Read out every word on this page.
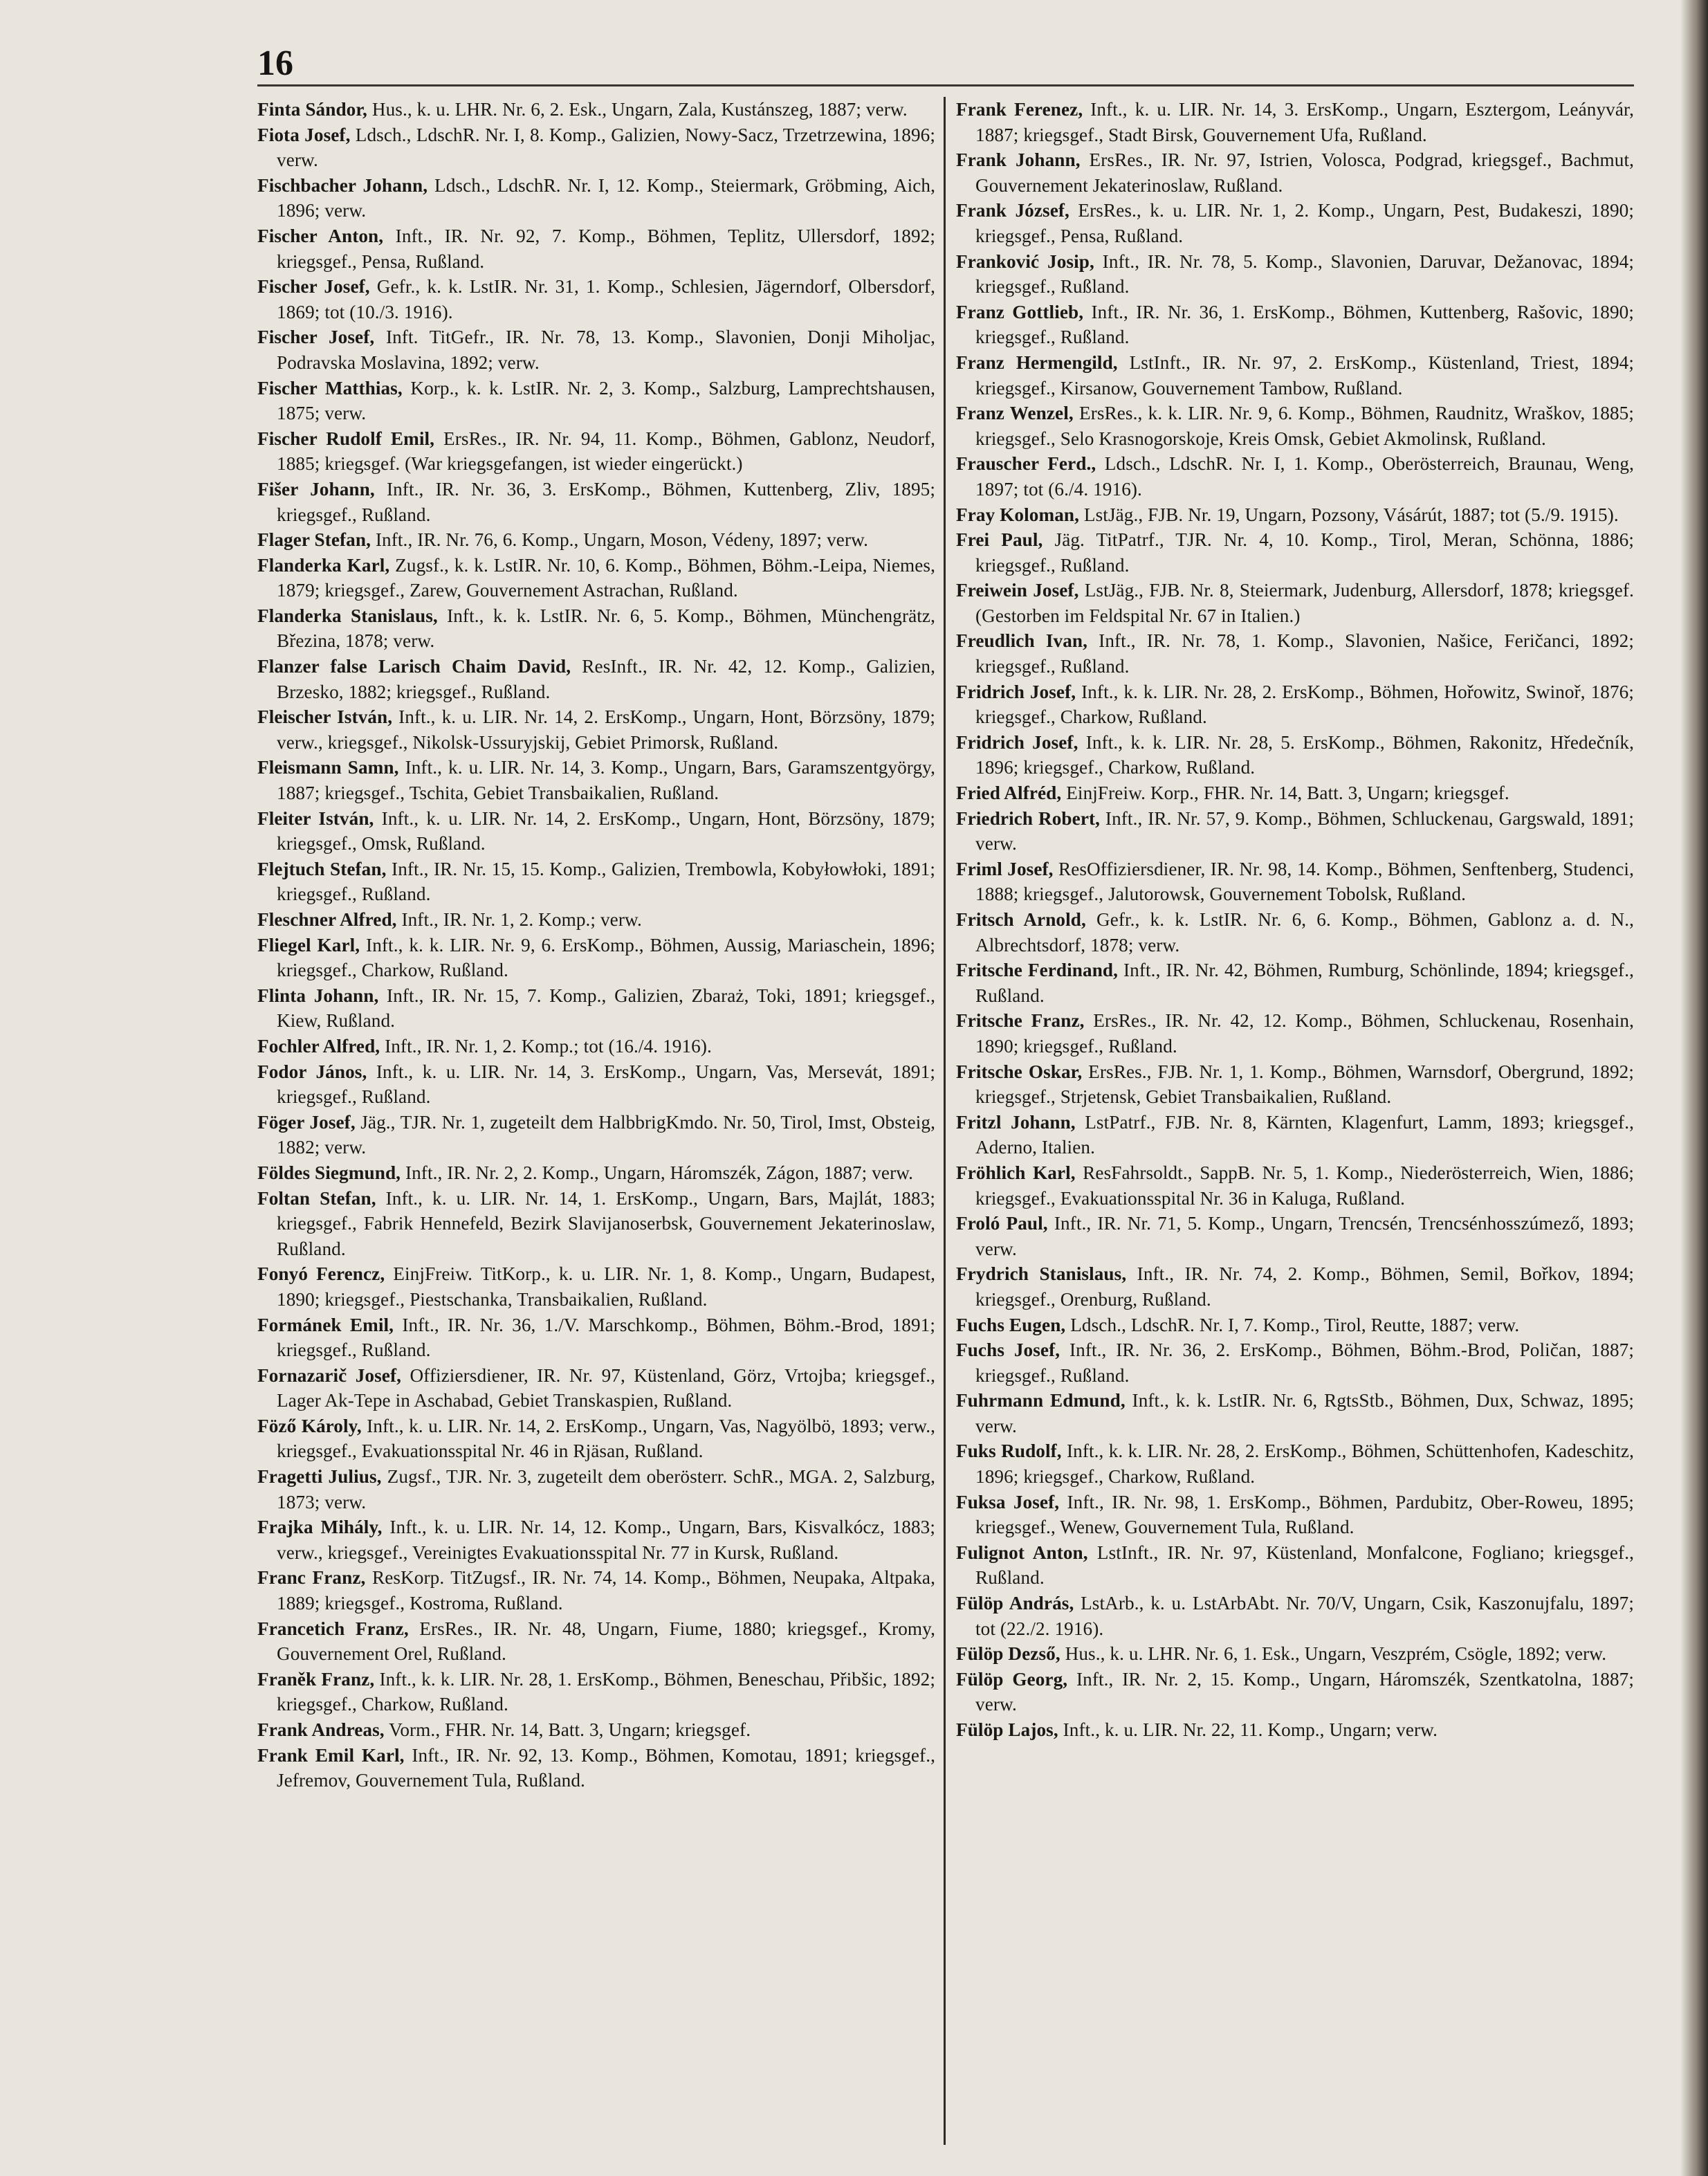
16

Finta Sándor, Hus., k. u. LHR. Nr. 6, 2. Esk., Ungarn, Zala, Kustánszeg, 1887; verw.

Fiota Josef, Ldsch., LdschR. Nr. I, 8. Komp., Galizien, Nowy-Sacz, Trzetrzewina, 1896; verw.

Fischbacher Johann, Ldsch., LdschR. Nr. I, 12. Komp., Steiermark, Gröbming, Aich, 1896; verw.

Fischer Anton, Inft., IR. Nr. 92, 7. Komp., Böhmen, Teplitz, Ullersdorf, 1892; kriegsgef., Pensa, Rußland.

Fischer Josef, Gefr., k. k. LstIR. Nr. 31, 1. Komp., Schlesien, Jägerndorf, Olbersdorf, 1869; tot (10./3. 1916).

Fischer Josef, Inft. TitGefr., IR. Nr. 78, 13. Komp., Slavonien, Donji Miholjac, Podravska Moslavina, 1892; verw.

Fischer Matthias, Korp., k. k. LstIR. Nr. 2, 3. Komp., Salzburg, Lamprechtshausen, 1875; verw.

Fischer Rudolf Emil, ErsRes., IR. Nr. 94, 11. Komp., Böhmen, Gablonz, Neudorf, 1885; kriegsgef. (War kriegsgefangen, ist wieder eingerückt.)

Fišer Johann, Inft., IR. Nr. 36, 3. ErsKomp., Böhmen, Kuttenberg, Zliv, 1895; kriegsgef., Rußland.

Flager Stefan, Inft., IR. Nr. 76, 6. Komp., Ungarn, Moson, Védeny, 1897; verw.

Flanderka Karl, Zugsf., k. k. LstIR. Nr. 10, 6. Komp., Böhmen, Böhm.-Leipa, Niemes, 1879; kriegsgef., Zarew, Gouvernement Astrachan, Rußland.

Flanderka Stanislaus, Inft., k. k. LstIR. Nr. 6, 5. Komp., Böhmen, Münchengrätz, Březina, 1878; verw.

Flanzer false Larisch Chaim David, ResInft., IR. Nr. 42, 12. Komp., Galizien, Brzesko, 1882; kriegsgef., Rußland.

Fleischer István, Inft., k. u. LIR. Nr. 14, 2. ErsKomp., Ungarn, Hont, Börzsöny, 1879; verw., kriegsgef., Nikolsk-Ussuryjskij, Gebiet Primorsk, Rußland.

Fleismann Samn, Inft., k. u. LIR. Nr. 14, 3. Komp., Ungarn, Bars, Garamszentgyörgy, 1887; kriegsgef., Tschita, Gebiet Transbaikalien, Rußland.

Fleiter István, Inft., k. u. LIR. Nr. 14, 2. ErsKomp., Ungarn, Hont, Börzsöny, 1879; kriegsgef., Omsk, Rußland.

Flejtuch Stefan, Inft., IR. Nr. 15, 15. Komp., Galizien, Trembowla, Kobyłowłoki, 1891; kriegsgef., Rußland.

Fleschner Alfred, Inft., IR. Nr. 1, 2. Komp.; verw.

Fliegel Karl, Inft., k. k. LIR. Nr. 9, 6. ErsKomp., Böhmen, Aussig, Mariaschein, 1896; kriegsgef., Charkow, Rußland.

Flinta Johann, Inft., IR. Nr. 15, 7. Komp., Galizien, Zbaraż, Toki, 1891; kriegsgef., Kiew, Rußland.

Fochler Alfred, Inft., IR. Nr. 1, 2. Komp.; tot (16./4. 1916).

Fodor János, Inft., k. u. LIR. Nr. 14, 3. ErsKomp., Ungarn, Vas, Mersevát, 1891; kriegsgef., Rußland.

Föger Josef, Jäg., TJR. Nr. 1, zugeteilt dem HalbbrigKmdo. Nr. 50, Tirol, Imst, Obsteig, 1882; verw.

Földes Siegmund, Inft., IR. Nr. 2, 2. Komp., Ungarn, Háromszék, Zágon, 1887; verw.

Foltan Stefan, Inft., k. u. LIR. Nr. 14, 1. ErsKomp., Ungarn, Bars, Majlát, 1883; kriegsgef., Fabrik Hennefeld, Bezirk Slavijanoserbsk, Gouvernement Jekaterinoslaw, Rußland.

Fonyó Ferencz, EinjFreiw. TitKorp., k. u. LIR. Nr. 1, 8. Komp., Ungarn, Budapest, 1890; kriegsgef., Piestschanka, Transbaikalien, Rußland.

Formánek Emil, Inft., IR. Nr. 36, 1./V. Marschkomp., Böhmen, Böhm.-Brod, 1891; kriegsgef., Rußland.

Fornazarič Josef, Offiziersdiener, IR. Nr. 97, Küstenland, Görz, Vrtojba; kriegsgef., Lager Ak-Tepe in Aschabad, Gebiet Transkaspien, Rußland.

Föző Károly, Inft., k. u. LIR. Nr. 14, 2. ErsKomp., Ungarn, Vas, Nagyölbö, 1893; verw., kriegsgef., Evakuationsspital Nr. 46 in Rjäsan, Rußland.

Fragetti Julius, Zugsf., TJR. Nr. 3, zugeteilt dem oberösterr. SchR., MGA. 2, Salzburg, 1873; verw.

Frajka Mihály, Inft., k. u. LIR. Nr. 14, 12. Komp., Ungarn, Bars, Kisvalkócz, 1883; verw., kriegsgef., Vereinigtes Evakuationsspital Nr. 77 in Kursk, Rußland.

Franc Franz, ResKorp. TitZugsf., IR. Nr. 74, 14. Komp., Böhmen, Neupaka, Altpaka, 1889; kriegsgef., Kostroma, Rußland.

Francetich Franz, ErsRes., IR. Nr. 48, Ungarn, Fiume, 1880; kriegsgef., Kromy, Gouvernement Orel, Rußland.

Franěk Franz, Inft., k. k. LIR. Nr. 28, 1. ErsKomp., Böhmen, Beneschau, Přibšic, 1892; kriegsgef., Charkow, Rußland.

Frank Andreas, Vorm., FHR. Nr. 14, Batt. 3, Ungarn; kriegsgef.

Frank Emil Karl, Inft., IR. Nr. 92, 13. Komp., Böhmen, Komotau, 1891; kriegsgef., Jefremov, Gouvernement Tula, Rußland.

Frank Ferenez, Inft., k. u. LIR. Nr. 14, 3. ErsKomp., Ungarn, Esztergom, Leányvár, 1887; kriegsgef., Stadt Birsk, Gouvernement Ufa, Rußland.

Frank Johann, ErsRes., IR. Nr. 97, Istrien, Volosca, Podgrad, kriegsgef., Bachmut, Gouvernement Jekaterinoslaw, Rußland.

Frank József, ErsRes., k. u. LIR. Nr. 1, 2. Komp., Ungarn, Pest, Budakeszi, 1890; kriegsgef., Pensa, Rußland.

Franković Josip, Inft., IR. Nr. 78, 5. Komp., Slavonien, Daruvar, Dežanovac, 1894; kriegsgef., Rußland.

Franz Gottlieb, Inft., IR. Nr. 36, 1. ErsKomp., Böhmen, Kuttenberg, Rašovic, 1890; kriegsgef., Rußland.

Franz Hermengild, LstInft., IR. Nr. 97, 2. ErsKomp., Küstenland, Triest, 1894; kriegsgef., Kirsanow, Gouvernement Tambow, Rußland.

Franz Wenzel, ErsRes., k. k. LIR. Nr. 9, 6. Komp., Böhmen, Raudnitz, Wraškov, 1885; kriegsgef., Selo Krasnogorskoje, Kreis Omsk, Gebiet Akmolinsk, Rußland.

Frauscher Ferd., Ldsch., LdschR. Nr. I, 1. Komp., Oberösterreich, Braunau, Weng, 1897; tot (6./4. 1916).

Fray Koloman, LstJäg., FJB. Nr. 19, Ungarn, Pozsony, Vásárút, 1887; tot (5./9. 1915).

Frei Paul, Jäg. TitPatrf., TJR. Nr. 4, 10. Komp., Tirol, Meran, Schönna, 1886; kriegsgef., Rußland.

Freiwein Josef, LstJäg., FJB. Nr. 8, Steiermark, Judenburg, Allersdorf, 1878; kriegsgef. (Gestorben im Feldspital Nr. 67 in Italien.)

Freudlich Ivan, Inft., IR. Nr. 78, 1. Komp., Slavonien, Našice, Feričanci, 1892; kriegsgef., Rußland.

Fridrich Josef, Inft., k. k. LIR. Nr. 28, 2. ErsKomp., Böhmen, Hořowitz, Swinoř, 1876; kriegsgef., Charkow, Rußland.

Fridrich Josef, Inft., k. k. LIR. Nr. 28, 5. ErsKomp., Böhmen, Rakonitz, Hředečník, 1896; kriegsgef., Charkow, Rußland.

Fried Alfréd, EinjFreiw. Korp., FHR. Nr. 14, Batt. 3, Ungarn; kriegsgef.

Friedrich Robert, Inft., IR. Nr. 57, 9. Komp., Böhmen, Schluckenau, Gargswald, 1891; verw.

Friml Josef, ResOffiziersdiener, IR. Nr. 98, 14. Komp., Böhmen, Senftenberg, Studenci, 1888; kriegsgef., Jalutorowsk, Gouvernement Tobolsk, Rußland.

Fritsch Arnold, Gefr., k. k. LstIR. Nr. 6, 6. Komp., Böhmen, Gablonz a. d. N., Albrechtsdorf, 1878; verw.

Fritsche Ferdinand, Inft., IR. Nr. 42, Böhmen, Rumburg, Schönlinde, 1894; kriegsgef., Rußland.

Fritsche Franz, ErsRes., IR. Nr. 42, 12. Komp., Böhmen, Schluckenau, Rosenhain, 1890; kriegsgef., Rußland.

Fritsche Oskar, ErsRes., FJB. Nr. 1, 1. Komp., Böhmen, Warnsdorf, Obergrund, 1892; kriegsgef., Strjetensk, Gebiet Transbaikalien, Rußland.

Fritzl Johann, LstPatrf., FJB. Nr. 8, Kärnten, Klagenfurt, Lamm, 1893; kriegsgef., Aderno, Italien.

Fröhlich Karl, ResFahrsoldt., SappB. Nr. 5, 1. Komp., Niederösterreich, Wien, 1886; kriegsgef., Evakuationsspital Nr. 36 in Kaluga, Rußland.

Froló Paul, Inft., IR. Nr. 71, 5. Komp., Ungarn, Trencsén, Trencsénhosszúmező, 1893; verw.

Frydrich Stanislaus, Inft., IR. Nr. 74, 2. Komp., Böhmen, Semil, Bořkov, 1894; kriegsgef., Orenburg, Rußland.

Fuchs Eugen, Ldsch., LdschR. Nr. I, 7. Komp., Tirol, Reutte, 1887; verw.

Fuchs Josef, Inft., IR. Nr. 36, 2. ErsKomp., Böhmen, Böhm.-Brod, Poličan, 1887; kriegsgef., Rußland.

Fuhrmann Edmund, Inft., k. k. LstIR. Nr. 6, RgtsStb., Böhmen, Dux, Schwaz, 1895; verw.

Fuks Rudolf, Inft., k. k. LIR. Nr. 28, 2. ErsKomp., Böhmen, Schüttenhofen, Kadeschitz, 1896; kriegsgef., Charkow, Rußland.

Fuksa Josef, Inft., IR. Nr. 98, 1. ErsKomp., Böhmen, Pardubitz, Ober-Roweu, 1895; kriegsgef., Wenew, Gouvernement Tula, Rußland.

Fulignot Anton, LstInft., IR. Nr. 97, Küstenland, Monfalcone, Fogliano; kriegsgef., Rußland.

Fülöp András, LstArb., k. u. LstArbAbt. Nr. 70/V, Ungarn, Csik, Kaszonujfalu, 1897; tot (22./2. 1916).

Fülöp Dezső, Hus., k. u. LHR. Nr. 6, 1. Esk., Ungarn, Veszprém, Csögle, 1892; verw.

Fülöp Georg, Inft., IR. Nr. 2, 15. Komp., Ungarn, Háromszék, Szentkatolna, 1887; verw.

Fülöp Lajos, Inft., k. u. LIR. Nr. 22, 11. Komp., Ungarn; verw.
